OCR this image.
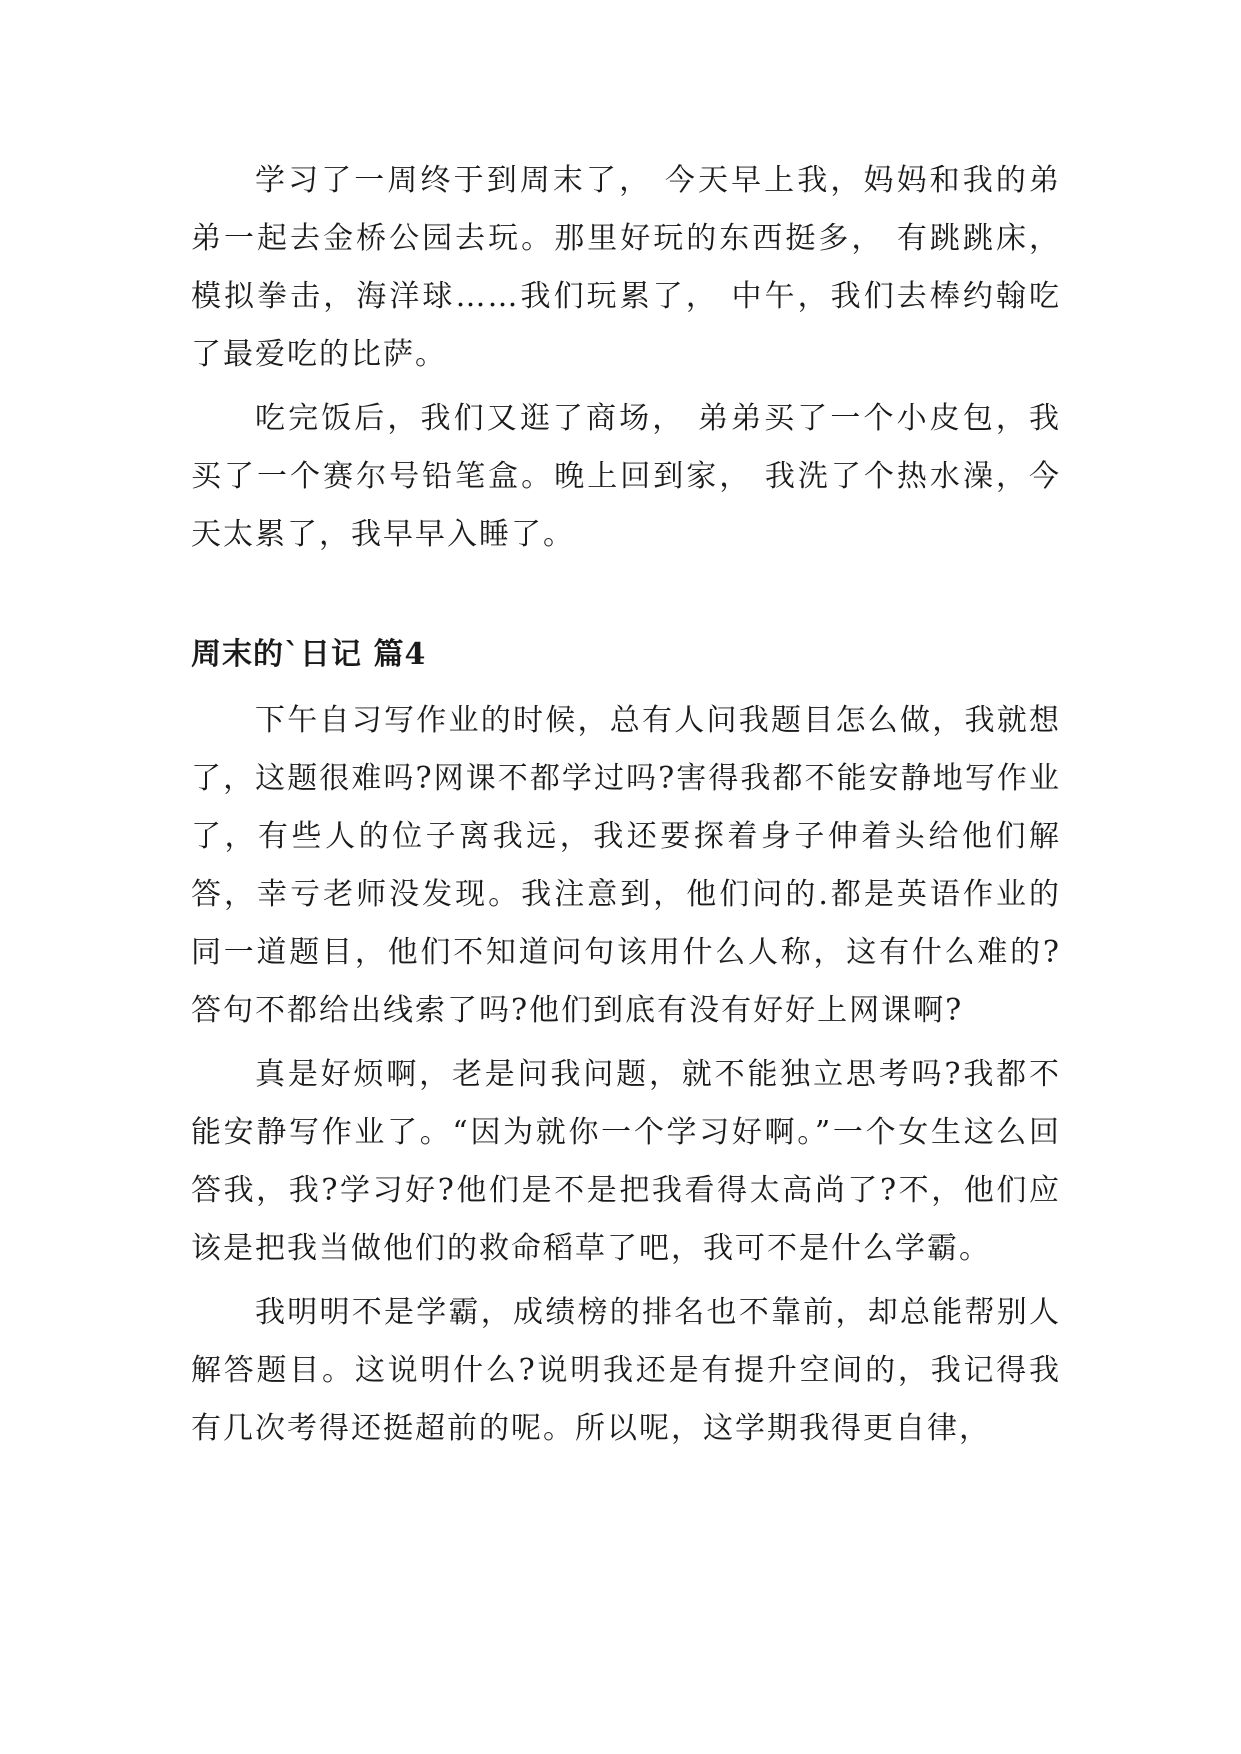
学习了一周终于到周末了， 今天早上我，妈妈和我的弟弟一起去金桥公园去玩。那里好玩的东西挺多， 有跳跳床，模拟拳击，海洋球……我们玩累了， 中午，我们去棒约翰吃了最爱吃的比萨。

吃完饭后，我们又逛了商场， 弟弟买了一个小皮包，我买了一个赛尔号铅笔盒。晚上回到家， 我洗了个热水澡，今天太累了，我早早入睡了。

周末的`日记 篇4

下午自习写作业的时候，总有人问我题目怎么做，我就想了，这题很难吗?网课不都学过吗?害得我都不能安静地写作业了，有些人的位子离我远，我还要探着身子伸着头给他们解答，幸亏老师没发现。我注意到，他们问的.都是英语作业的同一道题目，他们不知道问句该用什么人称，这有什么难的?答句不都给出线索了吗?他们到底有没有好好上网课啊?

真是好烦啊，老是问我问题，就不能独立思考吗?我都不能安静写作业了。“因为就你一个学习好啊。”一个女生这么回答我，我?学习好?他们是不是把我看得太高尚了?不，他们应该是把我当做他们的救命稻草了吧，我可不是什么学霸。

我明明不是学霸，成绩榜的排名也不靠前，却总能帮别人解答题目。这说明什么?说明我还是有提升空间的，我记得我有几次考得还挺超前的呢。所以呢，这学期我得更自律，
